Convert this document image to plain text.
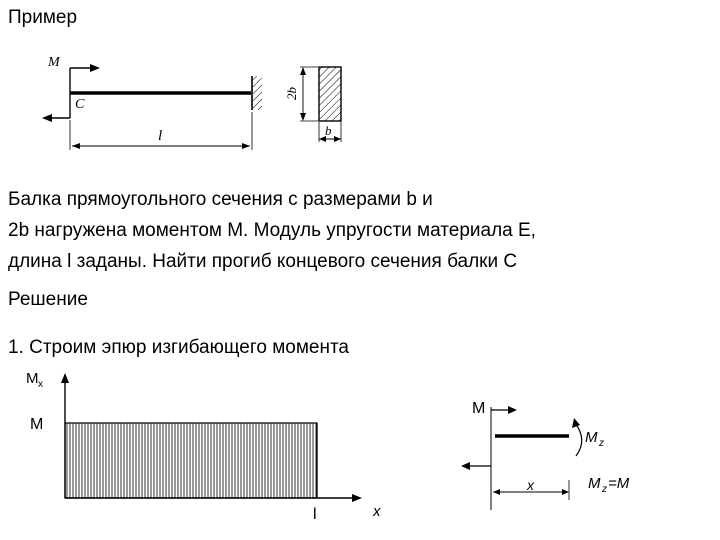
Пример
M
C
l
2b
b
M x
M
l	x
M
x
M z
M z =M
Балка прямоугольного сечения с размерами b и
2b нагружена моментом М. Модуль упругости материала E,
длина l заданы. Найти прогиб концевого сечения балки C
Решение
1. Строим эпюр изгибающего момента
